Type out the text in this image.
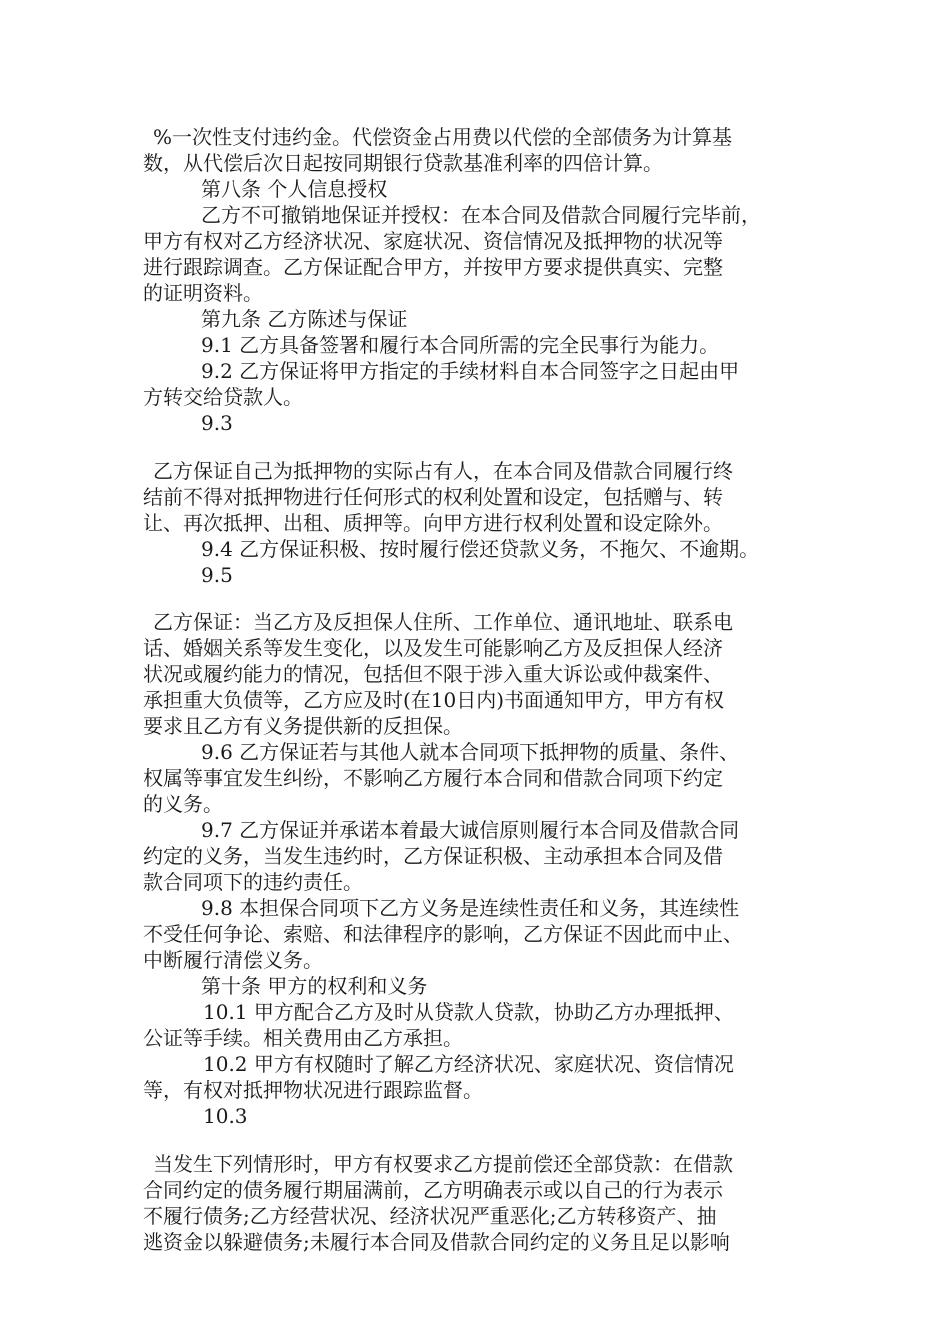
%一次性支付违约金。代偿资金占用费以代偿的全部债务为计算基

数，从代偿后次日起按同期银行贷款基准利率的四倍计算。

第八条 个人信息授权

乙方不可撤销地保证并授权：在本合同及借款合同履行完毕前，

甲方有权对乙方经济状况、家庭状况、资信情况及抵押物的状况等

进行跟踪调查。乙方保证配合甲方，并按甲方要求提供真实、完整

的证明资料。

第九条 乙方陈述与保证

9.1 乙方具备签署和履行本合同所需的完全民事行为能力。

9.2 乙方保证将甲方指定的手续材料自本合同签字之日起由甲

方转交给贷款人。

9.3

乙方保证自己为抵押物的实际占有人，在本合同及借款合同履行终

结前不得对抵押物进行任何形式的权利处置和设定，包括赠与、转

让、再次抵押、出租、质押等。向甲方进行权利处置和设定除外。

9.4 乙方保证积极、按时履行偿还贷款义务，不拖欠、不逾期。

9.5

乙方保证：当乙方及反担保人住所、工作单位、通讯地址、联系电

话、婚姻关系等发生变化，以及发生可能影响乙方及反担保人经济

状况或履约能力的情况，包括但不限于涉入重大诉讼或仲裁案件、

承担重大负债等，乙方应及时(在10日内)书面通知甲方，甲方有权

要求且乙方有义务提供新的反担保。

9.6 乙方保证若与其他人就本合同项下抵押物的质量、条件、

权属等事宜发生纠纷，不影响乙方履行本合同和借款合同项下约定

的义务。

9.7 乙方保证并承诺本着最大诚信原则履行本合同及借款合同

约定的义务，当发生违约时，乙方保证积极、主动承担本合同及借

款合同项下的违约责任。

9.8 本担保合同项下乙方义务是连续性责任和义务，其连续性

不受任何争论、索赔、和法律程序的影响，乙方保证不因此而中止、

中断履行清偿义务。

第十条 甲方的权利和义务

10.1 甲方配合乙方及时从贷款人贷款，协助乙方办理抵押、

公证等手续。相关费用由乙方承担。

10.2 甲方有权随时了解乙方经济状况、家庭状况、资信情况

等，有权对抵押物状况进行跟踪监督。

10.3

当发生下列情形时，甲方有权要求乙方提前偿还全部贷款：在借款

合同约定的债务履行期届满前，乙方明确表示或以自己的行为表示

不履行债务;乙方经营状况、经济状况严重恶化;乙方转移资产、抽

逃资金以躲避债务;未履行本合同及借款合同约定的义务且足以影响
